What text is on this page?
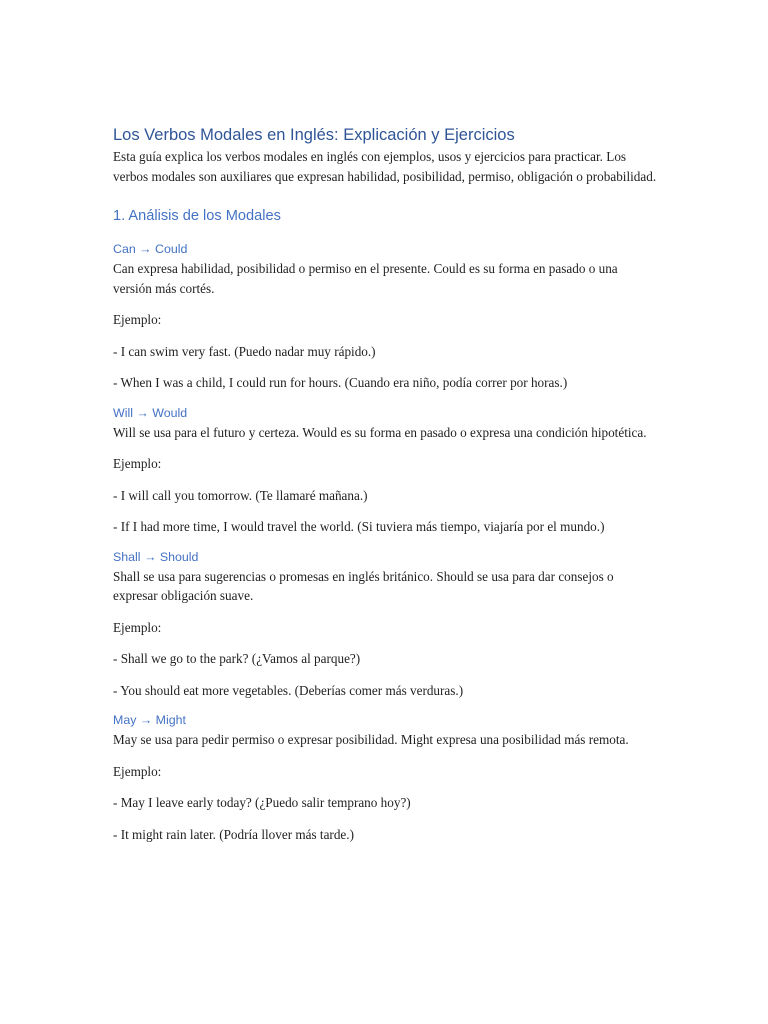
Los Verbos Modales en Inglés: Explicación y Ejercicios

Esta guía explica los verbos modales en inglés con ejemplos, usos y ejercicios para practicar. Los verbos modales son auxiliares que expresan habilidad, posibilidad, permiso, obligación o probabilidad.

1. Análisis de los Modales
Can → Could

Can expresa habilidad, posibilidad o permiso en el presente. Could es su forma en pasado o una versión más cortés.

Ejemplo:

- I can swim very fast. (Puedo nadar muy rápido.)

- When I was a child, I could run for hours. (Cuando era niño, podía correr por horas.)

Will → Would

Will se usa para el futuro y certeza. Would es su forma en pasado o expresa una condición hipotética.

Ejemplo:

- I will call you tomorrow. (Te llamaré mañana.)

- If I had more time, I would travel the world. (Si tuviera más tiempo, viajaría por el mundo.)

Shall → Should

Shall se usa para sugerencias o promesas en inglés británico. Should se usa para dar consejos o expresar obligación suave.

Ejemplo:

- Shall we go to the park? (¿Vamos al parque?)

- You should eat more vegetables. (Deberías comer más verduras.)

May → Might

May se usa para pedir permiso o expresar posibilidad. Might expresa una posibilidad más remota.

Ejemplo:

- May I leave early today? (¿Puedo salir temprano hoy?)

- It might rain later. (Podría llover más tarde.)
